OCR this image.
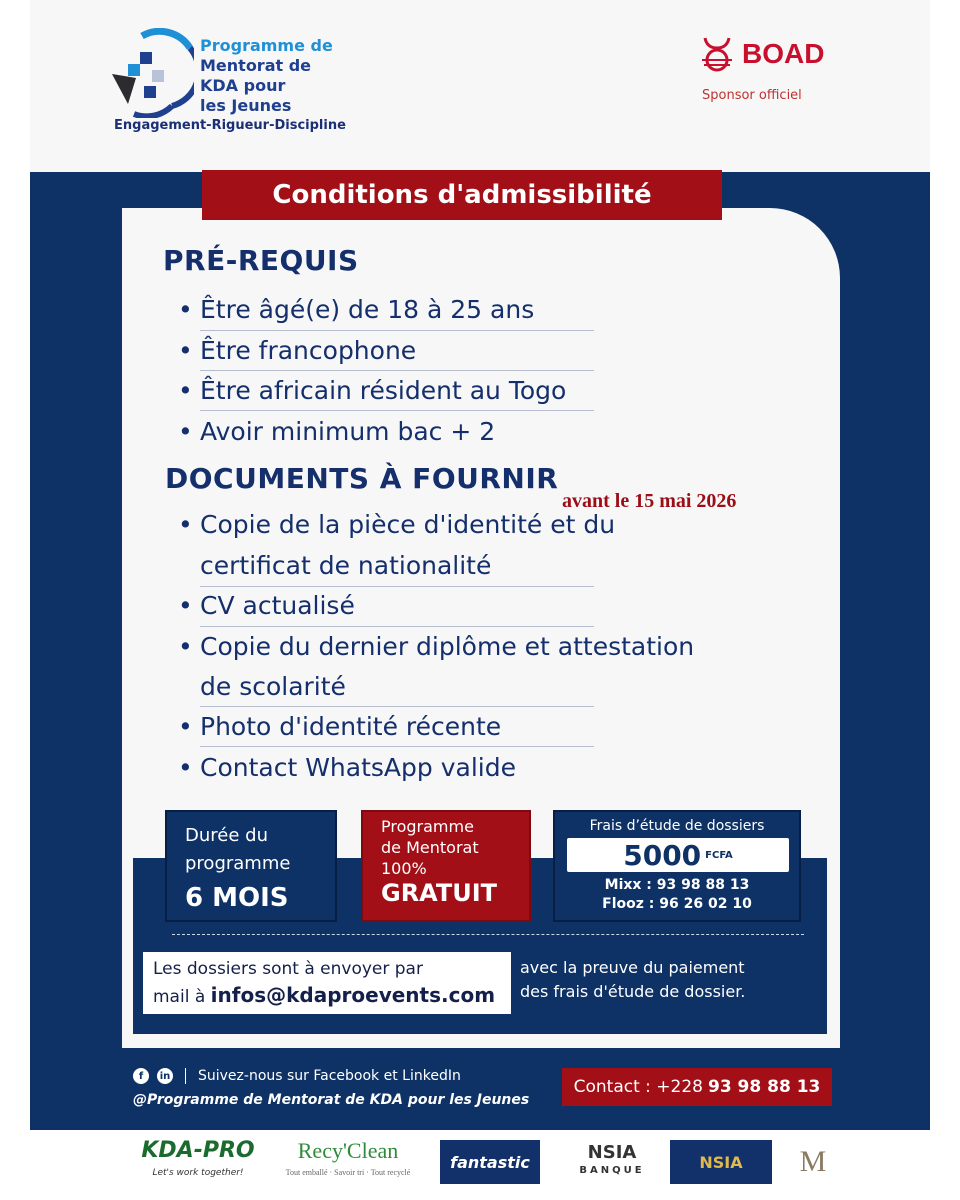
Programme de
Mentorat de
KDA pour
les Jeunes
Engagement-Rigueur-Discipline
BOAD
Sponsor officiel
Conditions d'admissibilité
PRÉ-REQUIS
• Être âgé(e) de 18 à 25 ans
• Être francophone
• Être africain résident au Togo
• Avoir minimum bac + 2
DOCUMENTS À FOURNIR
avant le 15 mai 2026
• Copie de la pièce d'identité et du
certificat de nationalité
• CV actualisé
• Copie du dernier diplôme et attestation
de scolarité
• Photo d'identité récente
• Contact WhatsApp valide
Durée du
programme
6 MOIS
Programme
de Mentorat
100%
GRATUIT
Frais d’étude de dossiers
5000 FCFA
Mixx : 93 98 88 13
Flooz : 96 26 02 10
Les dossiers sont à envoyer par
mail à infos@kdaproevents.com
avec la preuve du paiement
des frais d'étude de dossier.
f	in Suivez-nous sur Facebook et LinkedIn
@Programme de Mentorat de KDA pour les Jeunes
Contact : +228 93 98 88 13
KDA-PRO
Let's work together!
Recy'Clean
Tout emballé · Savoir tri · Tout recyclé
fantastic	NSIA
BANQUE	NSIA	M
